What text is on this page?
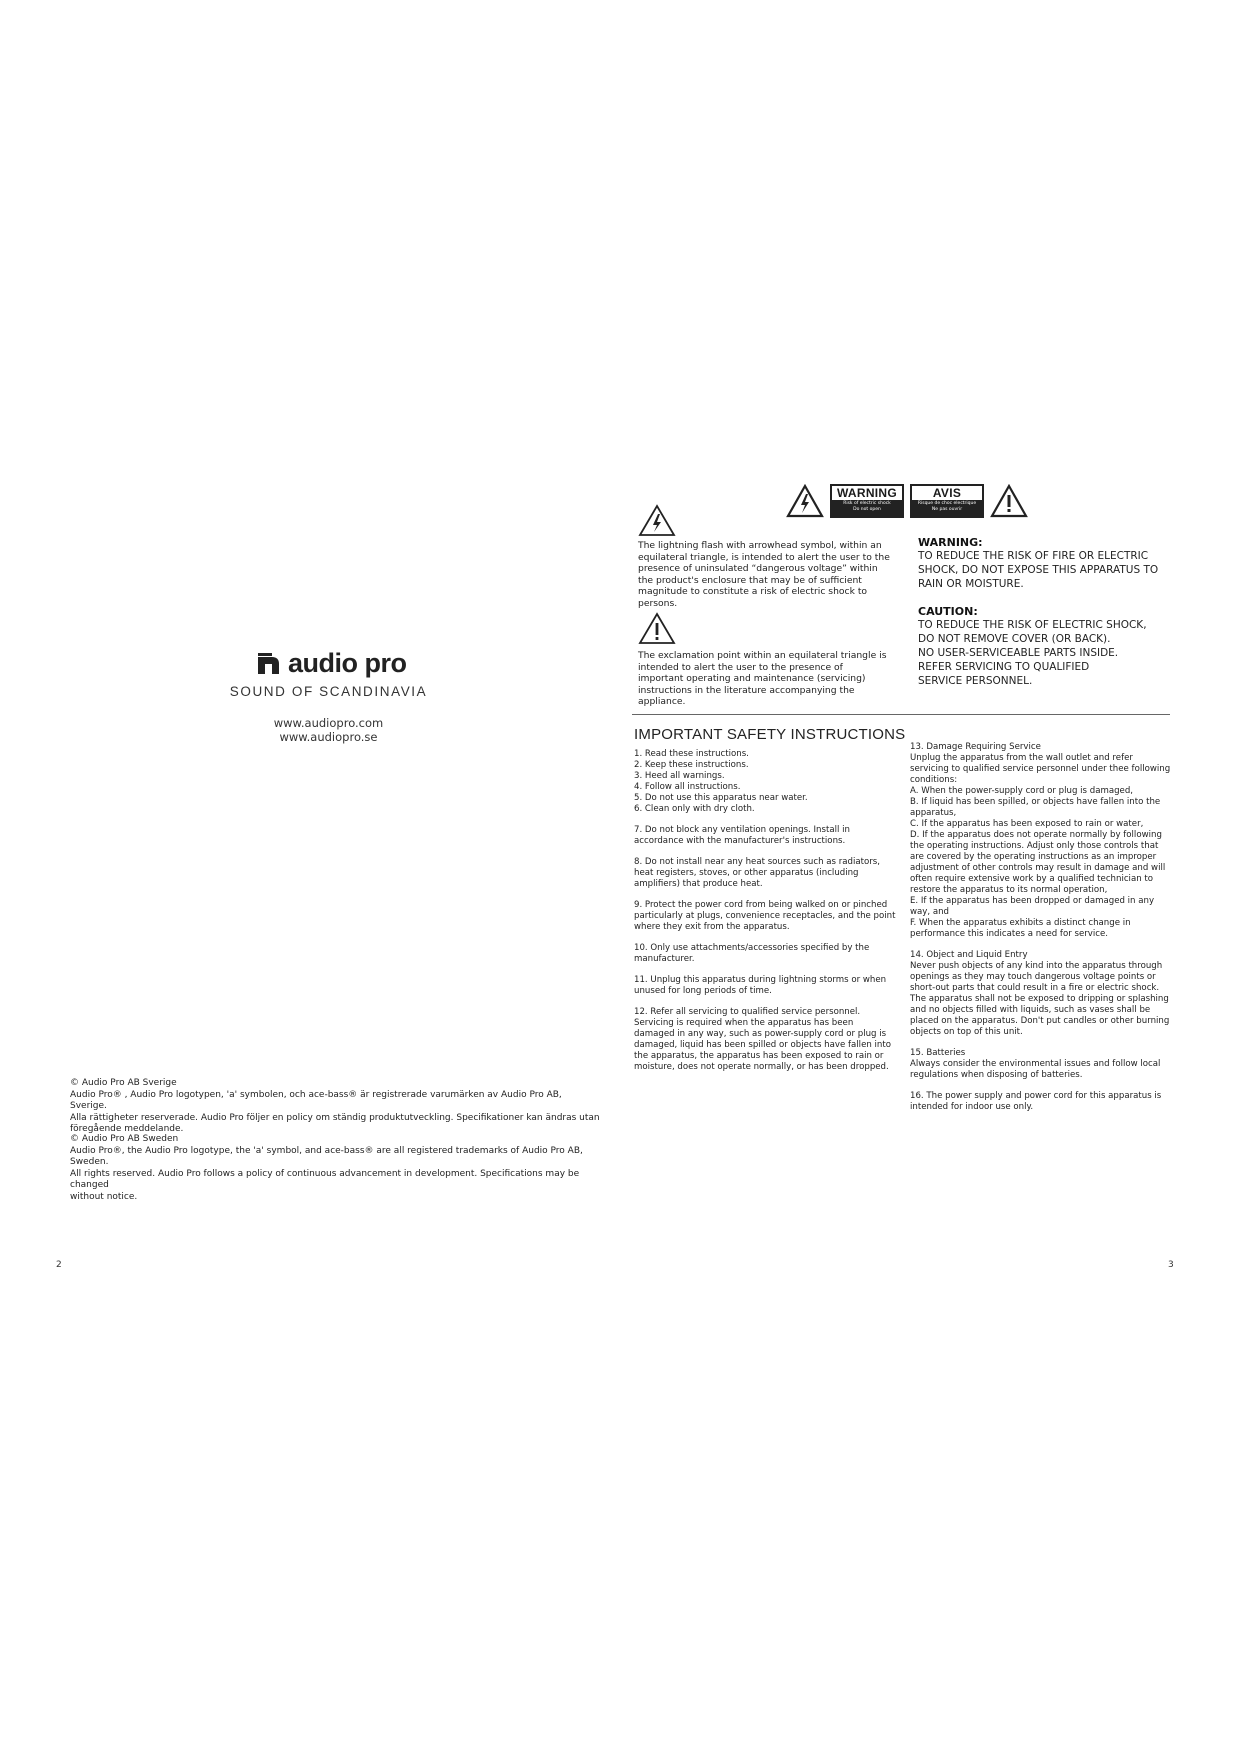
audio pro
SOUND OF SCANDINAVIA
www.audiopro.com
www.audiopro.se
© Audio Pro AB Sverige
Audio Pro® , Audio Pro logotypen, 'a' symbolen, och ace-bass® är registrerade varumärken av Audio Pro AB, Sverige.
Alla rättigheter reserverade. Audio Pro följer en policy om ständig produktutveckling. Specifikationer kan ändras utan
föregående meddelande.
© Audio Pro AB Sweden
Audio Pro®, the Audio Pro logotype, the 'a' symbol, and ace-bass® are all registered trademarks of Audio Pro AB, Sweden.
All rights reserved. Audio Pro follows a policy of continuous advancement in development. Specifications may be changed
without notice.
2
WARNING
Risk of electric shock
Do not open
AVIS
Risque de choc electrique
Ne pas ouvrir
The lightning flash with arrowhead symbol, within an equilateral triangle, is intended to alert the user to the presence of uninsulated “dangerous voltage” within the product's enclosure that may be of sufficient magnitude to constitute a risk of electric shock to persons.
The exclamation point within an equilateral triangle is intended to alert the user to the presence of important operating and maintenance (servicing) instructions in the literature accompanying the appliance.
WARNING:
TO REDUCE THE RISK OF FIRE OR ELECTRIC
SHOCK, DO NOT EXPOSE THIS APPARATUS TO
RAIN OR MOISTURE.
CAUTION:
TO REDUCE THE RISK OF ELECTRIC SHOCK,
DO NOT REMOVE COVER (OR BACK).
NO USER-SERVICEABLE PARTS INSIDE.
REFER SERVICING TO QUALIFIED
SERVICE PERSONNEL.
IMPORTANT SAFETY INSTRUCTIONS

1. Read these instructions.
2. Keep these instructions.
3. Heed all warnings.
4. Follow all instructions.
5. Do not use this apparatus near water.
6. Clean only with dry cloth.

7. Do not block any ventilation openings. Install in accordance with the manufacturer's instructions.

8. Do not install near any heat sources such as radiators, heat registers, stoves, or other apparatus (including amplifiers) that produce heat.

9. Protect the power cord from being walked on or pinched particularly at plugs, convenience receptacles, and the point where they exit from the apparatus.

10. Only use attachments/accessories specified by the manufacturer.

11. Unplug this apparatus during lightning storms or when unused for long periods of time.

12. Refer all servicing to qualified service personnel. Servicing is required when the apparatus has been damaged in any way, such as power-supply cord or plug is damaged, liquid has been spilled or objects have fallen into the apparatus, the apparatus has been exposed to rain or moisture, does not operate normally, or has been dropped.

13. Damage Requiring Service
Unplug the apparatus from the wall outlet and refer servicing to qualified service personnel under thee following conditions:
A. When the power-supply cord or plug is damaged,
B. If liquid has been spilled, or objects have fallen into the apparatus,
C. If the apparatus has been exposed to rain or water,
D. If the apparatus does not operate normally by following the operating instructions. Adjust only those controls that are covered by the operating instructions as an improper adjustment of other controls may result in damage and will often require extensive work by a qualified technician to restore the apparatus to its normal operation,
E. If the apparatus has been dropped or damaged in any way, and
F. When the apparatus exhibits a distinct change in performance this indicates a need for service.

14. Object and Liquid Entry
Never push objects of any kind into the apparatus through openings as they may touch dangerous voltage points or short-out parts that could result in a fire or electric shock. The apparatus shall not be exposed to dripping or splashing and no objects filled with liquids, such as vases shall be placed on the apparatus. Don't put candles or other burning objects on top of this unit.

15. Batteries
Always consider the environmental issues and follow local regulations when disposing of batteries.

16. The power supply and power cord for this apparatus is intended for indoor use only.

3
